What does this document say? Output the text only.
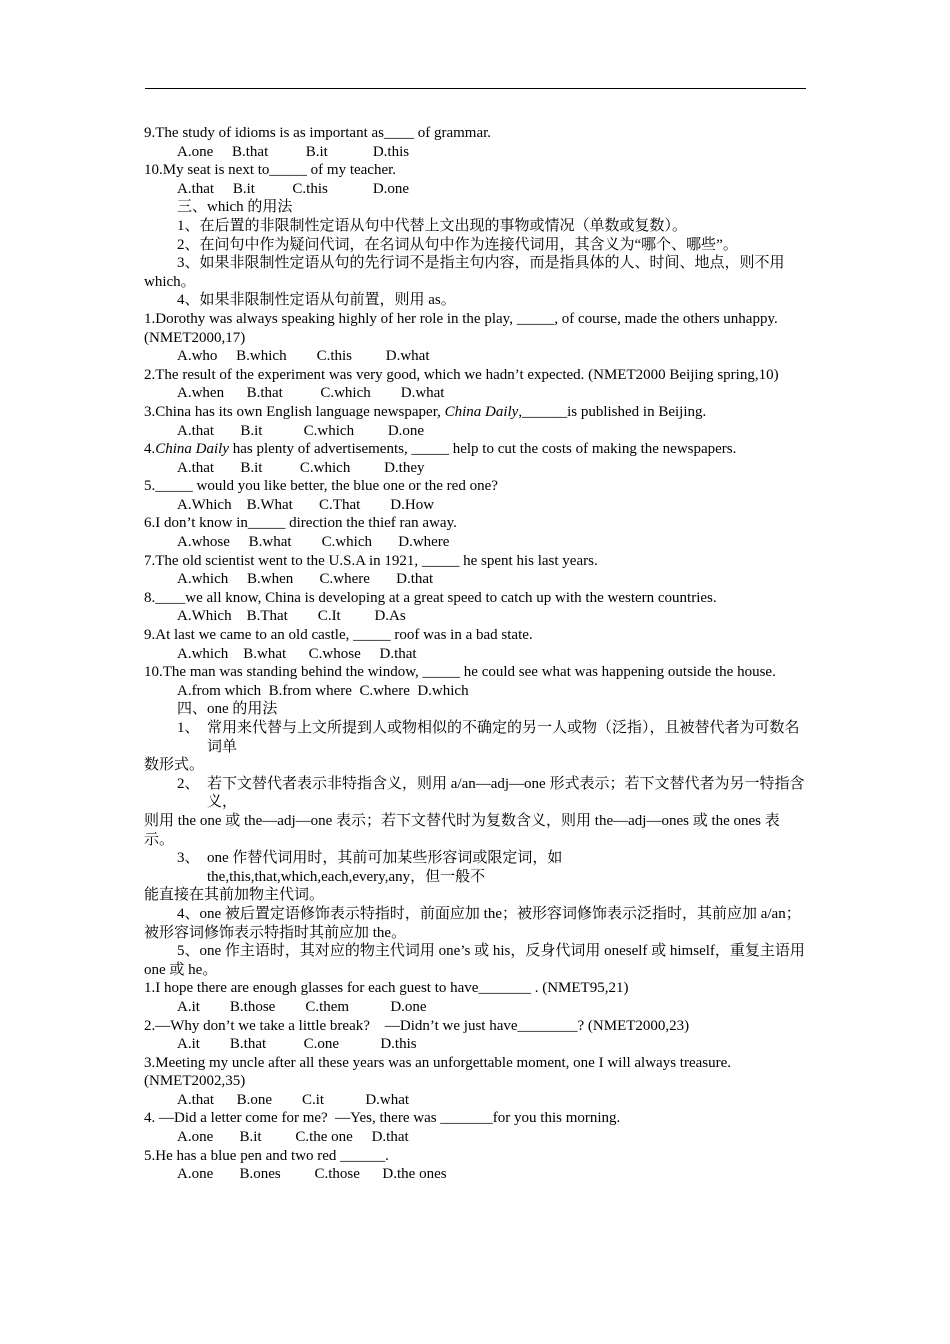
9.The study of idioms is as important as____ of grammar.
A.one     B.that          B.it            D.this
10.My seat is next to_____ of my teacher.
A.that     B.it          C.this            D.one
三、which 的用法
1、在后置的非限制性定语从句中代替上文出现的事物或情况（单数或复数）。
2、在问句中作为疑问代词，在名词从句中作为连接代词用，其含义为“哪个、哪些”。
3、如果非限制性定语从句的先行词不是指主句内容，而是指具体的人、时间、地点，则不用 which。
4、如果非限制性定语从句前置，则用 as。
1.Dorothy was always speaking highly of her role in the play, _____, of course, made the others unhappy. (NMET2000,17)
A.who     B.which        C.this         D.what
2.The result of the experiment was very good, which we hadn’t expected. (NMET2000 Beijing spring,10)
A.when      B.that          C.which        D.what
3.China has its own English language newspaper, China Daily,______is published in Beijing.
A.that       B.it           C.which         D.one
4.China Daily has plenty of advertisements, _____ help to cut the costs of making the newspapers.
A.that       B.it          C.which         D.they
5._____ would you like better, the blue one or the red one?
A.Which    B.What       C.That        D.How
6.I don’t know in_____ direction the thief ran away.
A.whose     B.what        C.which       D.where
7.The old scientist went to the U.S.A in 1921, _____ he spent his last years.
A.which     B.when       C.where       D.that
8.____we all know, China is developing at a great speed to catch up with the western countries.
A.Which    B.That        C.It         D.As
9.At last we came to an old castle, _____ roof was in a bad state.
A.which    B.what      C.whose     D.that
10.The man was standing behind the window, _____ he could see what was happening outside the house.
A.from which  B.from where  C.where  D.which
四、one 的用法
1、 常用来代替与上文所提到人或物相似的不确定的另一人或物（泛指），且被替代者为可数名词单
数形式。
2、 若下文替代者表示非特指含义，则用 a/an—adj—one 形式表示；若下文替代者为另一特指含义，
则用 the one 或 the—adj—one 表示；若下文替代时为复数含义，则用 the—adj—ones 或 the ones 表示。
3、 one 作替代词用时，其前可加某些形容词或限定词，如 the,this,that,which,each,every,any，但一般不
能直接在其前加物主代词。
4、one 被后置定语修饰表示特指时，前面应加 the；被形容词修饰表示泛指时，其前应加 a/an；被形容词修饰表示特指时其前应加 the。
5、one 作主语时，其对应的物主代词用 one’s 或 his，反身代词用 oneself 或 himself，重复主语用 one 或 he。
1.I hope there are enough glasses for each guest to have_______ . (NMET95,21)
A.it        B.those        C.them           D.one
2.—Why don’t we take a little break?    —Didn’t we just have________? (NMET2000,23)
A.it        B.that          C.one           D.this
3.Meeting my uncle after all these years was an unforgettable moment, one I will always treasure. (NMET2002,35)
A.that      B.one        C.it           D.what
4. —Did a letter come for me?  —Yes, there was _______for you this morning.
A.one       B.it         C.the one     D.that
5.He has a blue pen and two red ______.
A.one       B.ones         C.those      D.the ones
